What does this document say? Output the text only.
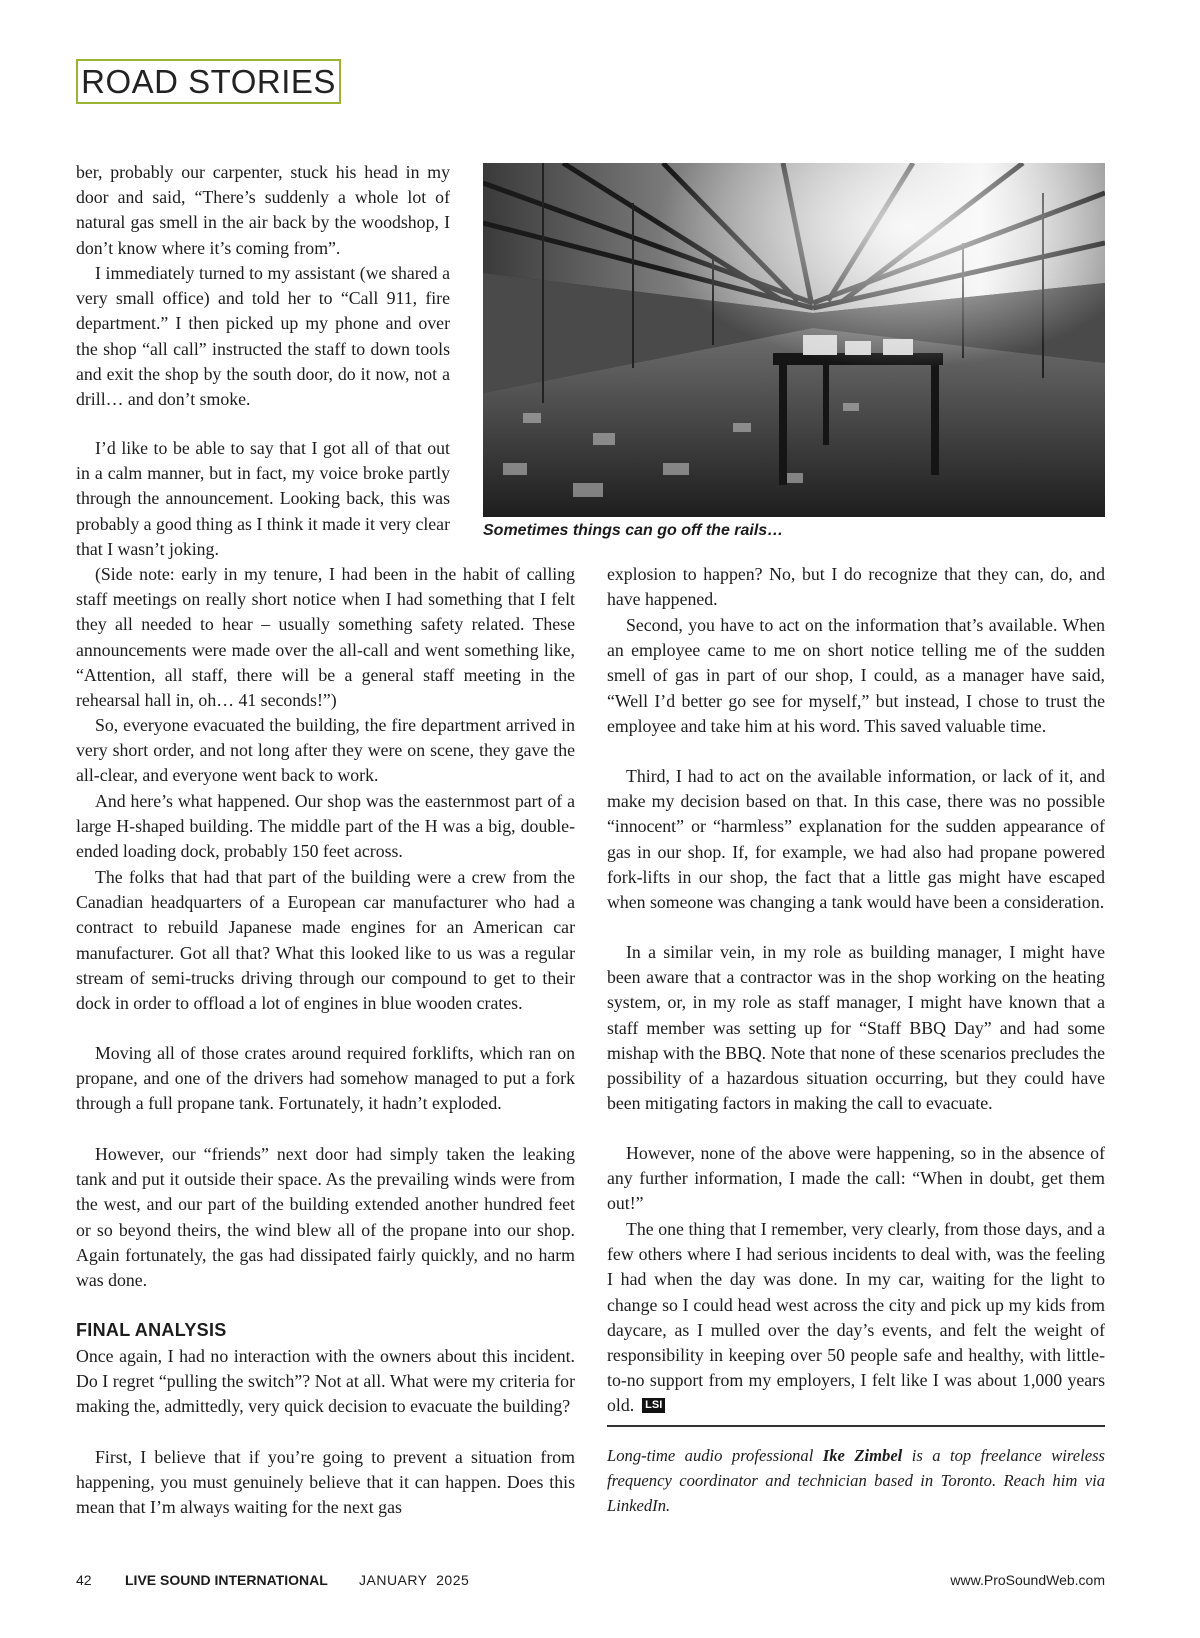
ROAD STORIES
Sometimes things can go off the rails…

ber, probably our carpenter, stuck his head in my door and said, “There’s suddenly a whole lot of natural gas smell in the air back by the woodshop, I don’t know where it’s coming from”.

I immediately turned to my assistant (we shared a very small office) and told her to “Call 911, fire department.” I then picked up my phone and over the shop “all call” instructed the staff to down tools and exit the shop by the south door, do it now, not a drill… and don’t smoke.

I’d like to be able to say that I got all of that out in a calm manner, but in fact, my voice broke partly through the announcement. Looking back, this was probably a good thing as I think it made it very clear that I wasn’t joking.

(Side note: early in my tenure, I had been in the habit of calling staff meetings on really short notice when I had something that I felt they all needed to hear – usually something safety related. These announcements were made over the all-call and went something like, “Attention, all staff, there will be a general staff meeting in the rehearsal hall in, oh… 41 seconds!”)

So, everyone evacuated the building, the fire department arrived in very short order, and not long after they were on scene, they gave the all-clear, and everyone went back to work.

And here’s what happened. Our shop was the easternmost part of a large H-shaped building. The middle part of the H was a big, double-ended loading dock, probably 150 feet across.

The folks that had that part of the building were a crew from the Canadian headquarters of a European car manufacturer who had a contract to rebuild Japanese made engines for an American car manufacturer. Got all that? What this looked like to us was a regular stream of semi-trucks driving through our compound to get to their dock in order to offload a lot of engines in blue wooden crates.

Moving all of those crates around required forklifts, which ran on propane, and one of the drivers had somehow managed to put a fork through a full propane tank. Fortunately, it hadn’t exploded.

However, our “friends” next door had simply taken the leaking tank and put it outside their space. As the prevailing winds were from the west, and our part of the building extended another hundred feet or so beyond theirs, the wind blew all of the propane into our shop. Again fortunately, the gas had dissipated fairly quickly, and no harm was done.

FINAL ANALYSIS

Once again, I had no interaction with the owners about this incident. Do I regret “pulling the switch”? Not at all. What were my criteria for making the, admittedly, very quick decision to evacuate the building?

First, I believe that if you’re going to prevent a situation from happening, you must genuinely believe that it can happen. Does this mean that I’m always waiting for the next gas

explosion to happen? No, but I do recognize that they can, do, and have happened.

Second, you have to act on the information that’s available. When an employee came to me on short notice telling me of the sudden smell of gas in part of our shop, I could, as a manager have said, “Well I’d better go see for myself,” but instead, I chose to trust the employee and take him at his word. This saved valuable time.

Third, I had to act on the available information, or lack of it, and make my decision based on that. In this case, there was no possible “innocent” or “harmless” explanation for the sudden appearance of gas in our shop. If, for example, we had also had propane powered fork-lifts in our shop, the fact that a little gas might have escaped when someone was changing a tank would have been a consideration.

In a similar vein, in my role as building manager, I might have been aware that a contractor was in the shop working on the heating system, or, in my role as staff manager, I might have known that a staff member was setting up for “Staff BBQ Day” and had some mishap with the BBQ. Note that none of these scenarios precludes the possibility of a hazardous situation occurring, but they could have been mitigating factors in making the call to evacuate.

However, none of the above were happening, so in the absence of any further information, I made the call: “When in doubt, get them out!”

The one thing that I remember, very clearly, from those days, and a few others where I had serious incidents to deal with, was the feeling I had when the day was done. In my car, waiting for the light to change so I could head west across the city and pick up my kids from daycare, as I mulled over the day’s events, and felt the weight of responsibility in keeping over 50 people safe and healthy, with little-to-no support from my employers, I felt like I was about 1,000 years old. LSI

Long-time audio professional Ike Zimbel is a top freelance wireless frequency coordinator and technician based in Toronto. Reach him via LinkedIn.

42 LIVE SOUND INTERNATIONAL JANUARY  2025	www.ProSoundWeb.com
